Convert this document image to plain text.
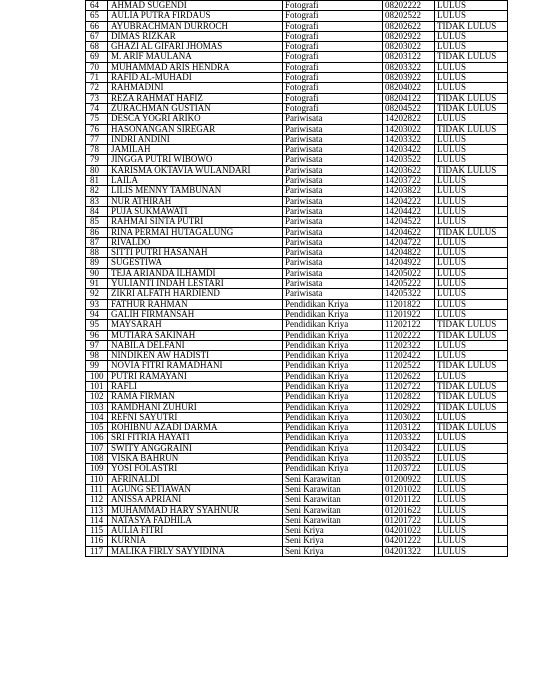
64	AHMAD SUGENDI	Fotografi	08202222	LULUS
65	AULIA PUTRA FIRDAUS	Fotografi	08202522	LULUS
66	AYUBRACHMAN DURROCH	Fotografi	08202622	TIDAK LULUS
67	DIMAS RIZKAR	Fotografi	08202922	LULUS
68	GHAZI AL GIFARI JHOMAS	Fotografi	08203022	LULUS
69	M. ARIF MAULANA	Fotografi	08203122	TIDAK LULUS
70	MUHAMMAD ARIS HENDRA	Fotografi	08203322	LULUS
71	RAFID AL-MUHADI	Fotografi	08203922	LULUS
72	RAHMADINI	Fotografi	08204022	LULUS
73	REZA RAHMAT HAFIZ	Fotografi	08204122	TIDAK LULUS
74	ZURACHMAN GUSTIAN	Fotografi	08204522	TIDAK LULUS
75	DESCA YOGRI ARIKO	Pariwisata	14202822	LULUS
76	HASONANGAN SIREGAR	Pariwisata	14203022	TIDAK LULUS
77	INDRI ANDINI	Pariwisata	14203322	LULUS
78	JAMILAH	Pariwisata	14203422	LULUS
79	JINGGA PUTRI WIBOWO	Pariwisata	14203522	LULUS
80	KARISMA OKTAVIA WULANDARI	Pariwisata	14203622	TIDAK LULUS
81	LAILA	Pariwisata	14203722	LULUS
82	LILIS MENNY TAMBUNAN	Pariwisata	14203822	LULUS
83	NUR ATHIRAH	Pariwisata	14204222	LULUS
84	PUJA SUKMAWATI	Pariwisata	14204422	LULUS
85	RAHMAI SINTA PUTRI	Pariwisata	14204522	LULUS
86	RINA PERMAI HUTAGALUNG	Pariwisata	14204622	TIDAK LULUS
87	RIVALDO	Pariwisata	14204722	LULUS
88	SITTI PUTRI HASANAH	Pariwisata	14204822	LULUS
89	SUGESTIWA	Pariwisata	14204922	LULUS
90	TEJA ARIANDA ILHAMDI	Pariwisata	14205022	LULUS
91	YULIANTI INDAH LESTARI	Pariwisata	14205222	LULUS
92	ZIKRI ALFATH HARDIEND	Pariwisata	14205322	LULUS
93	FATHUR RAHMAN	Pendidikan Kriya	11201822	LULUS
94	GALIH FIRMANSAH	Pendidikan Kriya	11201922	LULUS
95	MAYSARAH	Pendidikan Kriya	11202122	TIDAK LULUS
96	MUTIARA SAKINAH	Pendidikan Kriya	11202222	TIDAK LULUS
97	NABILA DELFANI	Pendidikan Kriya	11202322	LULUS
98	NINDIKEN AW HADISTI	Pendidikan Kriya	11202422	LULUS
99	NOVIA FITRI RAMADHANI	Pendidikan Kriya	11202522	TIDAK LULUS
100	PUTRI RAMAYANI	Pendidikan Kriya	11202622	LULUS
101	RAFLI	Pendidikan Kriya	11202722	TIDAK LULUS
102	RAMA FIRMAN	Pendidikan Kriya	11202822	TIDAK LULUS
103	RAMDHANI ZUHURI	Pendidikan Kriya	11202922	TIDAK LULUS
104	REFNI SAYUTRI	Pendidikan Kriya	11203022	LULUS
105	ROHIBNU AZADI DARMA	Pendidikan Kriya	11203122	TIDAK LULUS
106	SRI FITRIA HAYATI	Pendidikan Kriya	11203322	LULUS
107	SWITY ANGGRAINI	Pendidikan Kriya	11203422	LULUS
108	VISKA BAHRUN	Pendidikan Kriya	11203522	LULUS
109	YOSI FOLASTRI	Pendidikan Kriya	11203722	LULUS
110	AFRINALDI	Seni Karawitan	01200922	LULUS
111	AGUNG SETIAWAN	Seni Karawitan	01201022	LULUS
112	ANISSA APRIANI	Seni Karawitan	01201122	LULUS
113	MUHAMMAD HARY SYAHNUR	Seni Karawitan	01201622	LULUS
114	NATASYA FADHILA	Seni Karawitan	01201722	LULUS
115	AULIA FITRI	Seni Kriya	04201022	LULUS
116	KURNIA	Seni Kriya	04201222	LULUS
117	MALIKA FIRLY SAYYIDINA	Seni Kriya	04201322	LULUS
